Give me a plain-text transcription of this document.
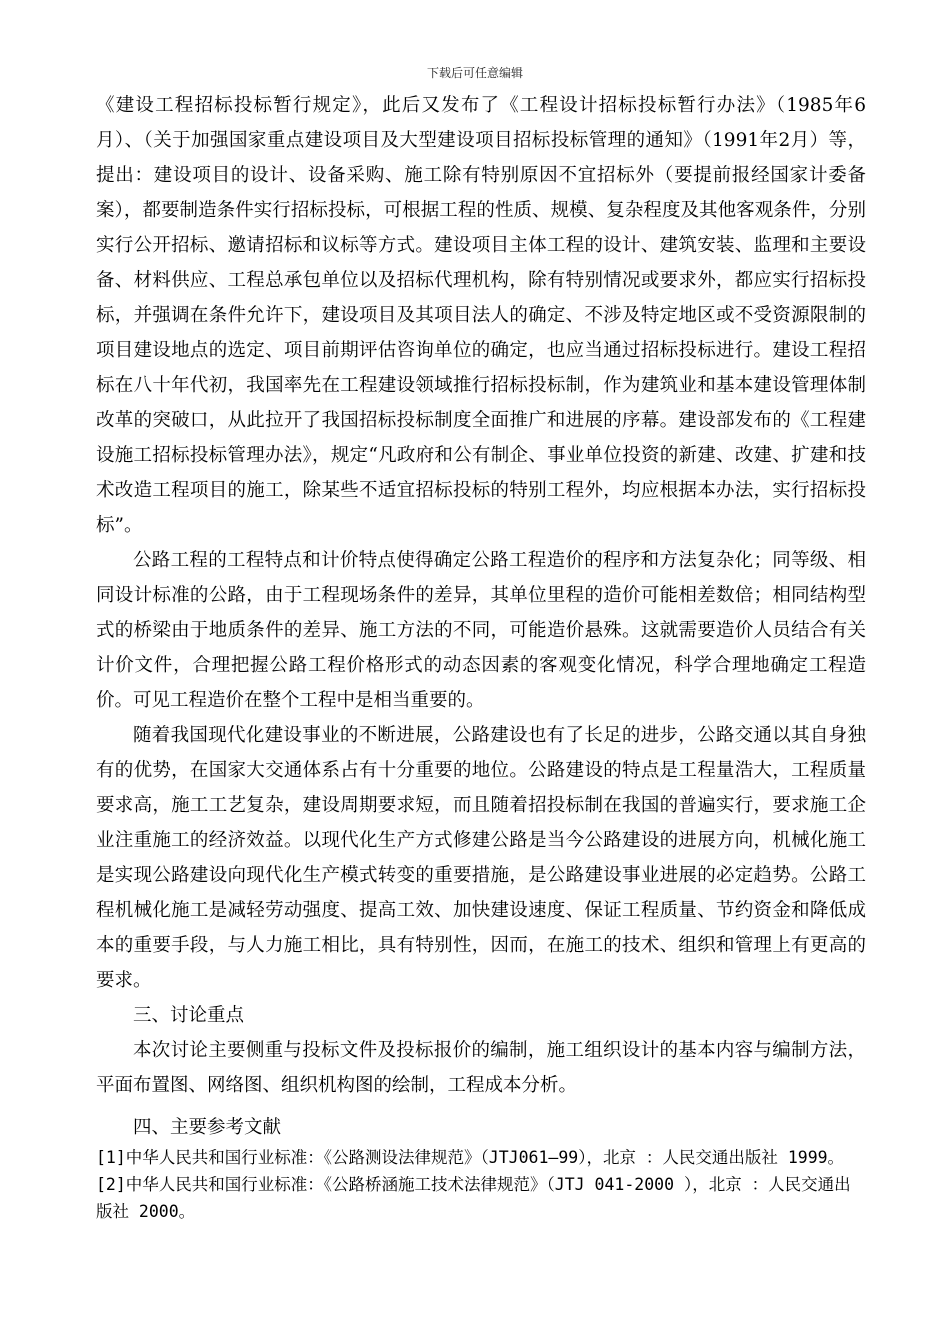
下载后可任意编辑

《建设工程招标投标暂行规定》，此后又发布了《工程设计招标投标暂行办法》（1985年6月）、（关于加强国家重点建设项目及大型建设项目招标投标管理的通知》（1991年2月）等，提出：建设项目的设计、设备采购、施工除有特别原因不宜招标外（要提前报经国家计委备案），都要制造条件实行招标投标，可根据工程的性质、规模、复杂程度及其他客观条件，分别实行公开招标、邀请招标和议标等方式。建设项目主体工程的设计、建筑安装、监理和主要设备、材料供应、工程总承包单位以及招标代理机构，除有特别情况或要求外，都应实行招标投标，并强调在条件允许下，建设项目及其项目法人的确定、不涉及特定地区或不受资源限制的项目建设地点的选定、项目前期评估咨询单位的确定，也应当通过招标投标进行。建设工程招标在八十年代初，我国率先在工程建设领域推行招标投标制，作为建筑业和基本建设管理体制改革的突破口，从此拉开了我国招标投标制度全面推广和进展的序幕。建设部发布的《工程建设施工招标投标管理办法》，规定“凡政府和公有制企、事业单位投资的新建、改建、扩建和技术改造工程项目的施工，除某些不适宜招标投标的特别工程外，均应根据本办法，实行招标投标”。

公路工程的工程特点和计价特点使得确定公路工程造价的程序和方法复杂化；同等级、相同设计标准的公路，由于工程现场条件的差异，其单位里程的造价可能相差数倍；相同结构型式的桥梁由于地质条件的差异、施工方法的不同，可能造价悬殊。这就需要造价人员结合有关计价文件，合理把握公路工程价格形式的动态因素的客观变化情况，科学合理地确定工程造价。可见工程造价在整个工程中是相当重要的。

随着我国现代化建设事业的不断进展，公路建设也有了长足的进步，公路交通以其自身独有的优势，在国家大交通体系占有十分重要的地位。公路建设的特点是工程量浩大，工程质量要求高，施工工艺复杂，建设周期要求短，而且随着招投标制在我国的普遍实行，要求施工企业注重施工的经济效益。以现代化生产方式修建公路是当今公路建设的进展方向，机械化施工是实现公路建设向现代化生产模式转变的重要措施，是公路建设事业进展的必定趋势。公路工程机械化施工是减轻劳动强度、提高工效、加快建设速度、保证工程质量、节约资金和降低成本的重要手段，与人力施工相比，具有特别性，因而，在施工的技术、组织和管理上有更高的要求。

三、讨论重点

本次讨论主要侧重与投标文件及投标报价的编制，施工组织设计的基本内容与编制方法，平面布置图、网络图、组织机构图的绘制，工程成本分析。

四、主要参考文献

[1]中华人民共和国行业标准：《公路测设法律规范》（JTJ061—99），北京 ：人民交通出版社 1999。

[2]中华人民共和国行业标准：《公路桥涵施工技术法律规范》（JTJ 041-2000 ），北京 ：人民交通出版社 2000。
